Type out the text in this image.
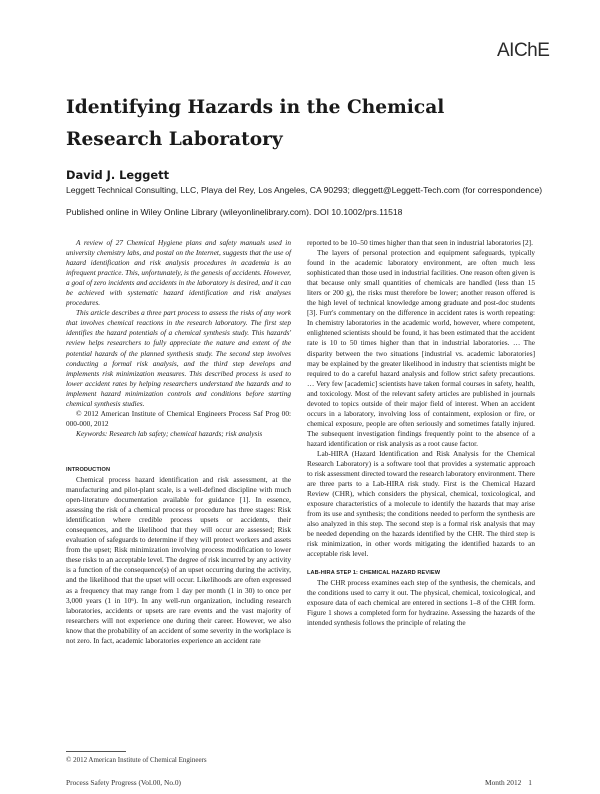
AIChE
Identifying Hazards in the Chemical Research Laboratory
David J. Leggett
Leggett Technical Consulting, LLC, Playa del Rey, Los Angeles, CA 90293; dleggett@Leggett-Tech.com (for correspondence)
Published online in Wiley Online Library (wileyonlinelibrary.com). DOI 10.1002/prs.11518

A review of 27 Chemical Hygiene plans and safety manuals used in university chemistry labs, and postal on the Internet, suggests that the use of hazard identification and risk analysis procedures in academia is an infrequent practice. This, unfortunately, is the genesis of accidents. However, a goal of zero incidents and accidents in the laboratory is desired, and it can be achieved with systematic hazard identification and risk analyses procedures.

This article describes a three part process to assess the risks of any work that involves chemical reactions in the research laboratory. The first step identifies the hazard potentials of a chemical synthesis study. This hazards' review helps researchers to fully appreciate the nature and extent of the potential hazards of the planned synthesis study. The second step involves conducting a formal risk analysis, and the third step develops and implements risk minimization measures. This described process is used to lower accident rates by helping researchers understand the hazards and to implement hazard minimization controls and conditions before starting chemical synthesis studies.

© 2012 American Institute of Chemical Engineers Process Saf Prog 00: 000-000, 2012

Keywords: Research lab safety; chemical hazards; risk analysis

INTRODUCTION

Chemical process hazard identification and risk assessment, at the manufacturing and pilot-plant scale, is a well-defined discipline with much open-literature documentation available for guidance [1]. In essence, assessing the risk of a chemical process or procedure has three stages: Risk identification where credible process upsets or accidents, their consequences, and the likelihood that they will occur are assessed; Risk evaluation of safeguards to determine if they will protect workers and assets from the upset; Risk minimization involving process modification to lower these risks to an acceptable level. The degree of risk incurred by any activity is a function of the consequence(s) of an upset occurring during the activity, and the likelihood that the upset will occur. Likelihoods are often expressed as a frequency that may range from 1 day per month (1 in 30) to once per 3,000 years (1 in 10⁶). In any well-run organization, including research laboratories, accidents or upsets are rare events and the vast majority of researchers will not experience one during their career. However, we also know that the probability of an accident of some severity in the workplace is not zero. In fact, academic laboratories experience an accident rate

reported to be 10–50 times higher than that seen in industrial laboratories [2].

The layers of personal protection and equipment safeguards, typically found in the academic laboratory environment, are often much less sophisticated than those used in industrial facilities. One reason often given is that because only small quantities of chemicals are handled (less than 15 liters or 200 g), the risks must therefore be lower; another reason offered is the high level of technical knowledge among graduate and post-doc students [3]. Furr's commentary on the difference in accident rates is worth repeating: In chemistry laboratories in the academic world, however, where competent, enlightened scientists should be found, it has been estimated that the accident rate is 10 to 50 times higher than that in industrial laboratories. … The disparity between the two situations [industrial vs. academic laboratories] may be explained by the greater likelihood in industry that scientists might be required to do a careful hazard analysis and follow strict safety precautions. … Very few [academic] scientists have taken formal courses in safety, health, and toxicology. Most of the relevant safety articles are published in journals devoted to topics outside of their major field of interest. When an accident occurs in a laboratory, involving loss of containment, explosion or fire, or chemical exposure, people are often seriously and sometimes fatally injured. The subsequent investigation findings frequently point to the absence of a hazard identification or risk analysis as a root cause factor.

Lab-HIRA (Hazard Identification and Risk Analysis for the Chemical Research Laboratory) is a software tool that provides a systematic approach to risk assessment directed toward the research laboratory environment. There are three parts to a Lab-HIRA risk study. First is the Chemical Hazard Review (CHR), which considers the physical, chemical, toxicological, and exposure characteristics of a molecule to identify the hazards that may arise from its use and synthesis; the conditions needed to perform the synthesis are also analyzed in this step. The second step is a formal risk analysis that may be needed depending on the hazards identified by the CHR. The third step is risk minimization, in other words mitigating the identified hazards to an acceptable risk level.

LAB-HIRA STEP 1: CHEMICAL HAZARD REVIEW

The CHR process examines each step of the synthesis, the chemicals, and the conditions used to carry it out. The physical, chemical, toxicological, and exposure data of each chemical are entered in sections 1–8 of the CHR form. Figure 1 shows a completed form for hydrazine. Assessing the hazards of the intended synthesis follows the principle of relating the

© 2012 American Institute of Chemical Engineers
Process Safety Progress (Vol.00, No.0)	Month 2012 1
